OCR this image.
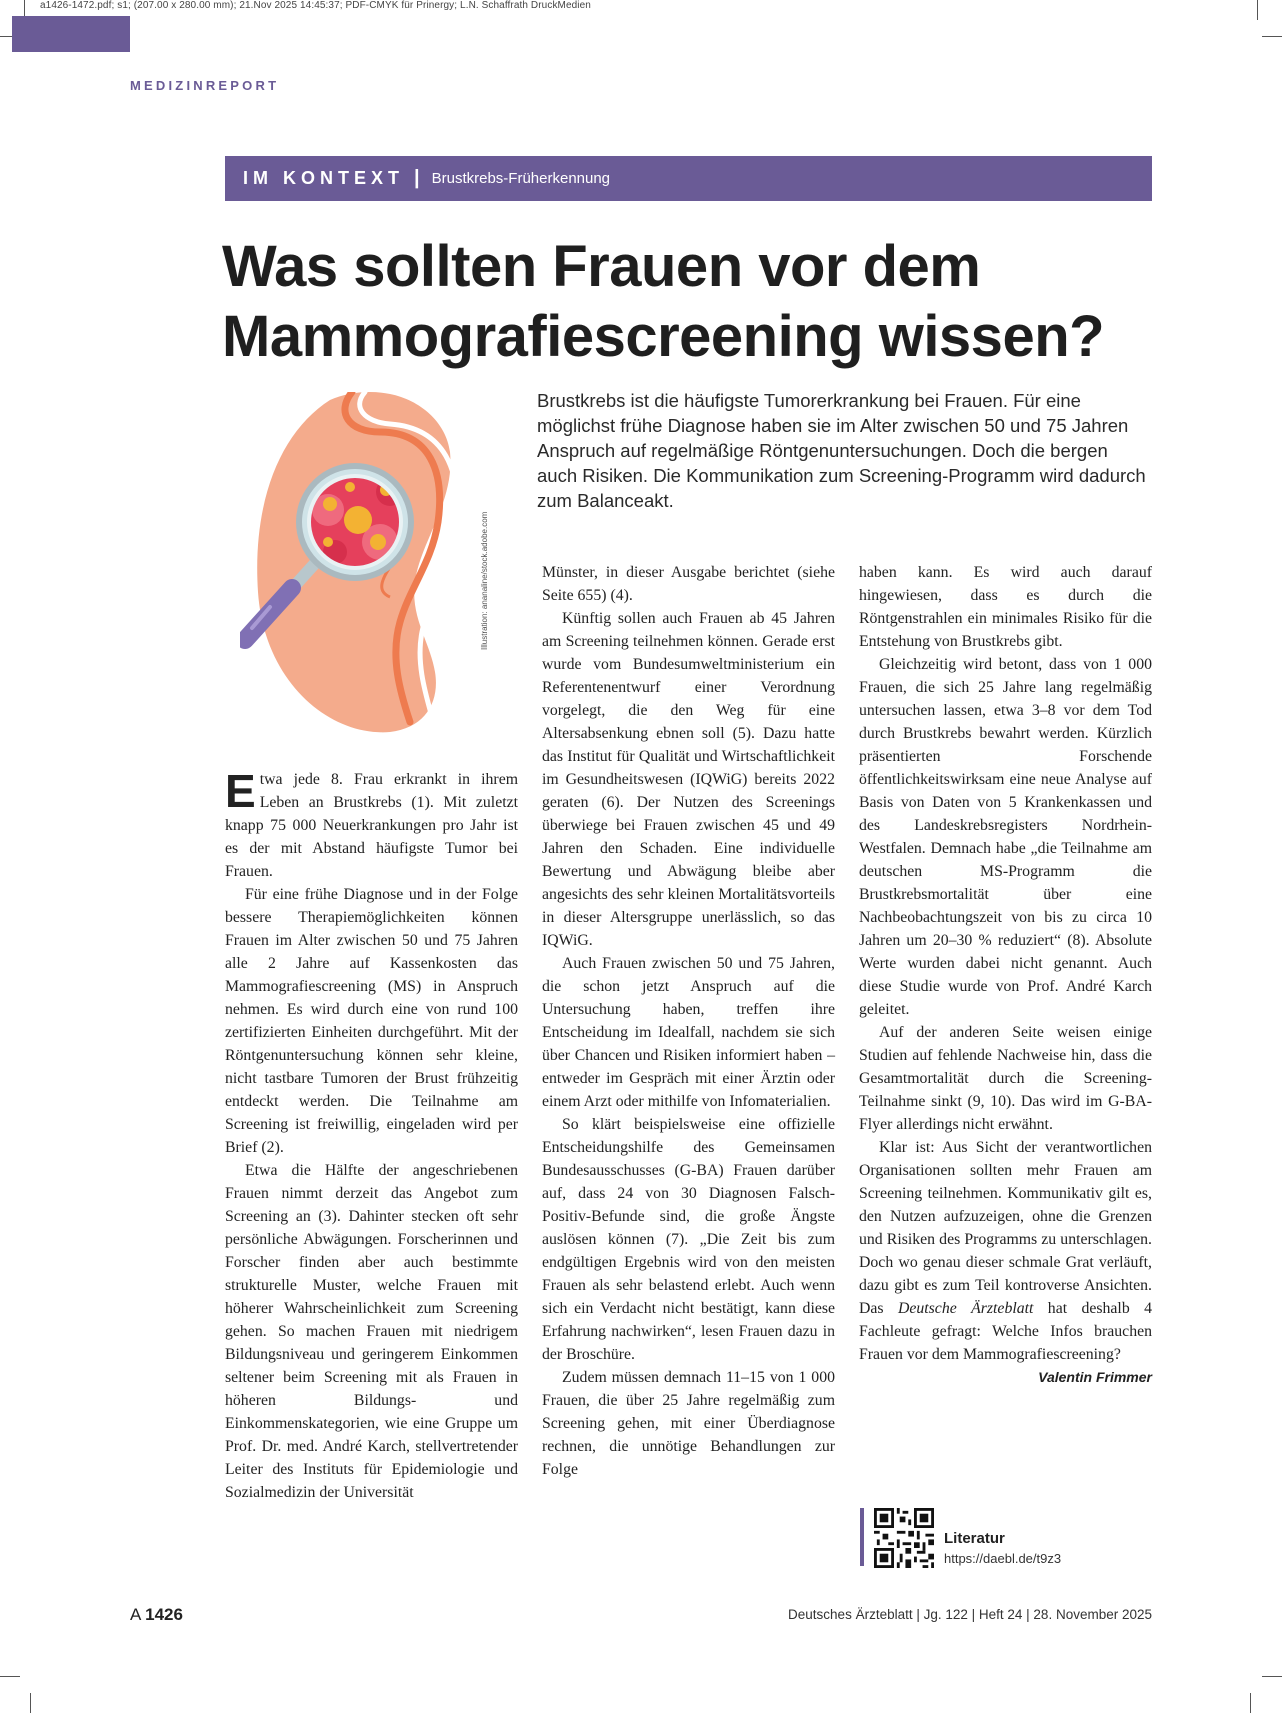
a1426-1472.pdf; s1; (207.00 x 280.00 mm); 21.Nov 2025 14:45:37; PDF-CMYK für Prinergy; L.N. Schaffrath DruckMedien
MEDIZINREPORT
IM KONTEXT | Brustkrebs-Früherkennung
Was sollten Frauen vor dem
Mammografiescreening wissen?
Brustkrebs ist die häufigste Tumorerkrankung bei Frauen. Für eine möglichst frühe Diagnose haben sie im Alter zwischen 50 und 75 Jahren Anspruch auf regelmäßige Röntgenuntersuchungen. Doch die bergen auch Risiken. Die Kommunikation zum Screening-Programm wird dadurch zum Balanceakt.
Illustration: ananaline/stock.adobe.com

Etwa jede 8. Frau erkrankt in ihrem Leben an Brustkrebs (1). Mit zuletzt knapp 75 000 Neuerkrankungen pro Jahr ist es der mit Abstand häufigste Tumor bei Frauen.

Für eine frühe Diagnose und in der Folge bessere Therapiemöglichkeiten können Frauen im Alter zwischen 50 und 75 Jahren alle 2 Jahre auf Kassenkosten das Mammografiescreening (MS) in Anspruch nehmen. Es wird durch eine von rund 100 zertifizierten Einheiten durchgeführt. Mit der Röntgenuntersuchung können sehr kleine, nicht tastbare Tumoren der Brust frühzeitig entdeckt werden. Die Teilnahme am Screening ist freiwillig, eingeladen wird per Brief (2).

Etwa die Hälfte der angeschriebenen Frauen nimmt derzeit das Angebot zum Screening an (3). Dahinter stecken oft sehr persönliche Abwägungen. Forscherinnen und Forscher finden aber auch bestimmte strukturelle Muster, welche Frauen mit höherer Wahrscheinlichkeit zum Screening gehen. So machen Frauen mit niedrigem Bildungsniveau und geringerem Einkommen seltener beim Screening mit als Frauen in höheren Bildungs- und Einkommenskategorien, wie eine Gruppe um Prof. Dr. med. André Karch, stellvertretender Leiter des Instituts für Epidemiologie und Sozialmedizin der Universität

Münster, in dieser Ausgabe berichtet (siehe Seite 655) (4).

Künftig sollen auch Frauen ab 45 Jahren am Screening teilnehmen können. Gerade erst wurde vom Bundesumweltministerium ein Referentenentwurf einer Verordnung vorgelegt, die den Weg für eine Altersabsenkung ebnen soll (5). Dazu hatte das Institut für Qualität und Wirtschaftlichkeit im Gesundheitswesen (IQWiG) bereits 2022 geraten (6). Der Nutzen des Screenings überwiege bei Frauen zwischen 45 und 49 Jahren den Schaden. Eine individuelle Bewertung und Abwägung bleibe aber angesichts des sehr kleinen Mortalitätsvorteils in dieser Altersgruppe unerlässlich, so das IQWiG.

Auch Frauen zwischen 50 und 75 Jahren, die schon jetzt Anspruch auf die Untersuchung haben, treffen ihre Entscheidung im Idealfall, nachdem sie sich über Chancen und Risiken informiert haben – entweder im Gespräch mit einer Ärztin oder einem Arzt oder mithilfe von Infomaterialien.

So klärt beispielsweise eine offizielle Entscheidungshilfe des Gemeinsamen Bundesausschusses (G-BA) Frauen darüber auf, dass 24 von 30 Diagnosen Falsch-Positiv-Befunde sind, die große Ängste auslösen können (7). „Die Zeit bis zum endgültigen Ergebnis wird von den meisten Frauen als sehr belastend erlebt. Auch wenn sich ein Verdacht nicht bestätigt, kann diese Erfahrung nachwirken“, lesen Frauen dazu in der Broschüre.

Zudem müssen demnach 11–15 von 1 000 Frauen, die über 25 Jahre regelmäßig zum Screening gehen, mit einer Überdiagnose rechnen, die unnötige Behandlungen zur Folge

haben kann. Es wird auch darauf hingewiesen, dass es durch die Röntgenstrahlen ein minimales Risiko für die Entstehung von Brustkrebs gibt.

Gleichzeitig wird betont, dass von 1 000 Frauen, die sich 25 Jahre lang regelmäßig untersuchen lassen, etwa 3–8 vor dem Tod durch Brustkrebs bewahrt werden. Kürzlich präsentierten Forschende öffentlichkeitswirksam eine neue Analyse auf Basis von Daten von 5 Krankenkassen und des Landeskrebsregisters Nordrhein-Westfalen. Demnach habe „die Teilnahme am deutschen MS-Programm die Brustkrebsmortalität über eine Nachbeobachtungszeit von bis zu circa 10 Jahren um 20–30 % reduziert“ (8). Absolute Werte wurden dabei nicht genannt. Auch diese Studie wurde von Prof. André Karch geleitet.

Auf der anderen Seite weisen einige Studien auf fehlende Nachweise hin, dass die Gesamtmortalität durch die Screening-Teilnahme sinkt (9, 10). Das wird im G-BA-Flyer allerdings nicht erwähnt.

Klar ist: Aus Sicht der verantwortlichen Organisationen sollten mehr Frauen am Screening teilnehmen. Kommunikativ gilt es, den Nutzen aufzuzeigen, ohne die Grenzen und Risiken des Programms zu unterschlagen. Doch wo genau dieser schmale Grat verläuft, dazu gibt es zum Teil kontroverse Ansichten. Das Deutsche Ärzteblatt hat deshalb 4 Fachleute gefragt: Welche Infos brauchen Frauen vor dem Mammografiescreening?
Valentin Frimmer

Literatur
https://daebl.de/t9z3
A 1426	Deutsches Ärzteblatt | Jg. 122 | Heft 24 | 28. November 2025
